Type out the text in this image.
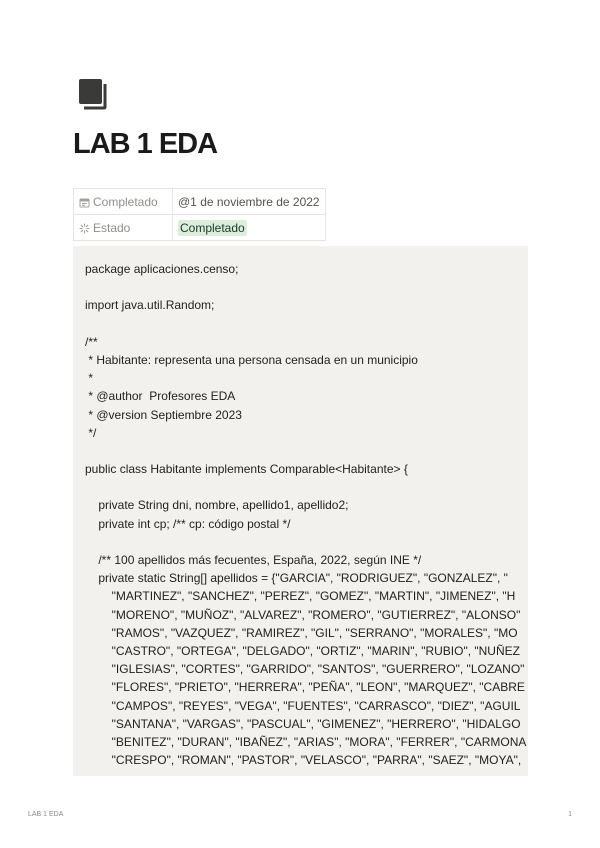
LAB 1 EDA
Completado	@1 de noviembre de 2022
Estado	Completado
package aplicaciones.censo;
import java.util.Random;
/**
* Habitante: representa una persona censada en un municipio
*
* @author  Profesores EDA
* @version Septiembre 2023
*/
public class Habitante implements Comparable<Habitante> {
private String dni, nombre, apellido1, apellido2;
private int cp; /** cp: código postal */
/** 100 apellidos más fecuentes, España, 2022, según INE */
private static String[] apellidos = {"GARCIA", "RODRIGUEZ", "GONZALEZ", "
"MARTINEZ", "SANCHEZ", "PEREZ", "GOMEZ", "MARTIN", "JIMENEZ", "H
"MORENO", "MUÑOZ", "ALVAREZ", "ROMERO", "GUTIERREZ", "ALONSO"
"RAMOS", "VAZQUEZ", "RAMIREZ", "GIL", "SERRANO", "MORALES", "MO
"CASTRO", "ORTEGA", "DELGADO", "ORTIZ", "MARIN", "RUBIO", "NUÑEZ
"IGLESIAS", "CORTES", "GARRIDO", "SANTOS", "GUERRERO", "LOZANO"
"FLORES", "PRIETO", "HERRERA", "PEÑA", "LEON", "MARQUEZ", "CABRE
"CAMPOS", "REYES", "VEGA", "FUENTES", "CARRASCO", "DIEZ", "AGUIL
"SANTANA", "VARGAS", "PASCUAL", "GIMENEZ", "HERRERO", "HIDALGO
"BENITEZ", "DURAN", "IBAÑEZ", "ARIAS", "MORA", "FERRER", "CARMONA
"CRESPO", "ROMAN", "PASTOR", "VELASCO", "PARRA", "SAEZ", "MOYA",
LAB 1 EDA	1
